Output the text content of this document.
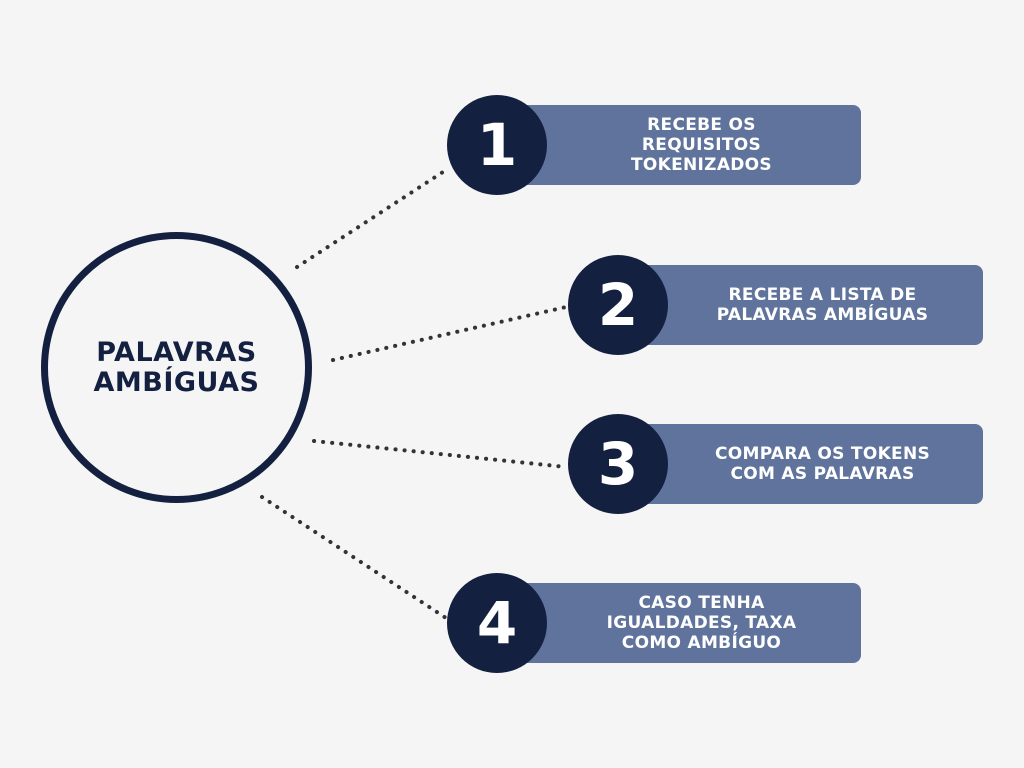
PALAVRAS
AMBÍGUAS
RECEBE OS
REQUISITOS
TOKENIZADOS
1
RECEBE A LISTA DE
PALAVRAS AMBÍGUAS
2
COMPARA OS TOKENS
COM AS PALAVRAS
3
CASO TENHA
IGUALDADES, TAXA
COMO AMBÍGUO
4
